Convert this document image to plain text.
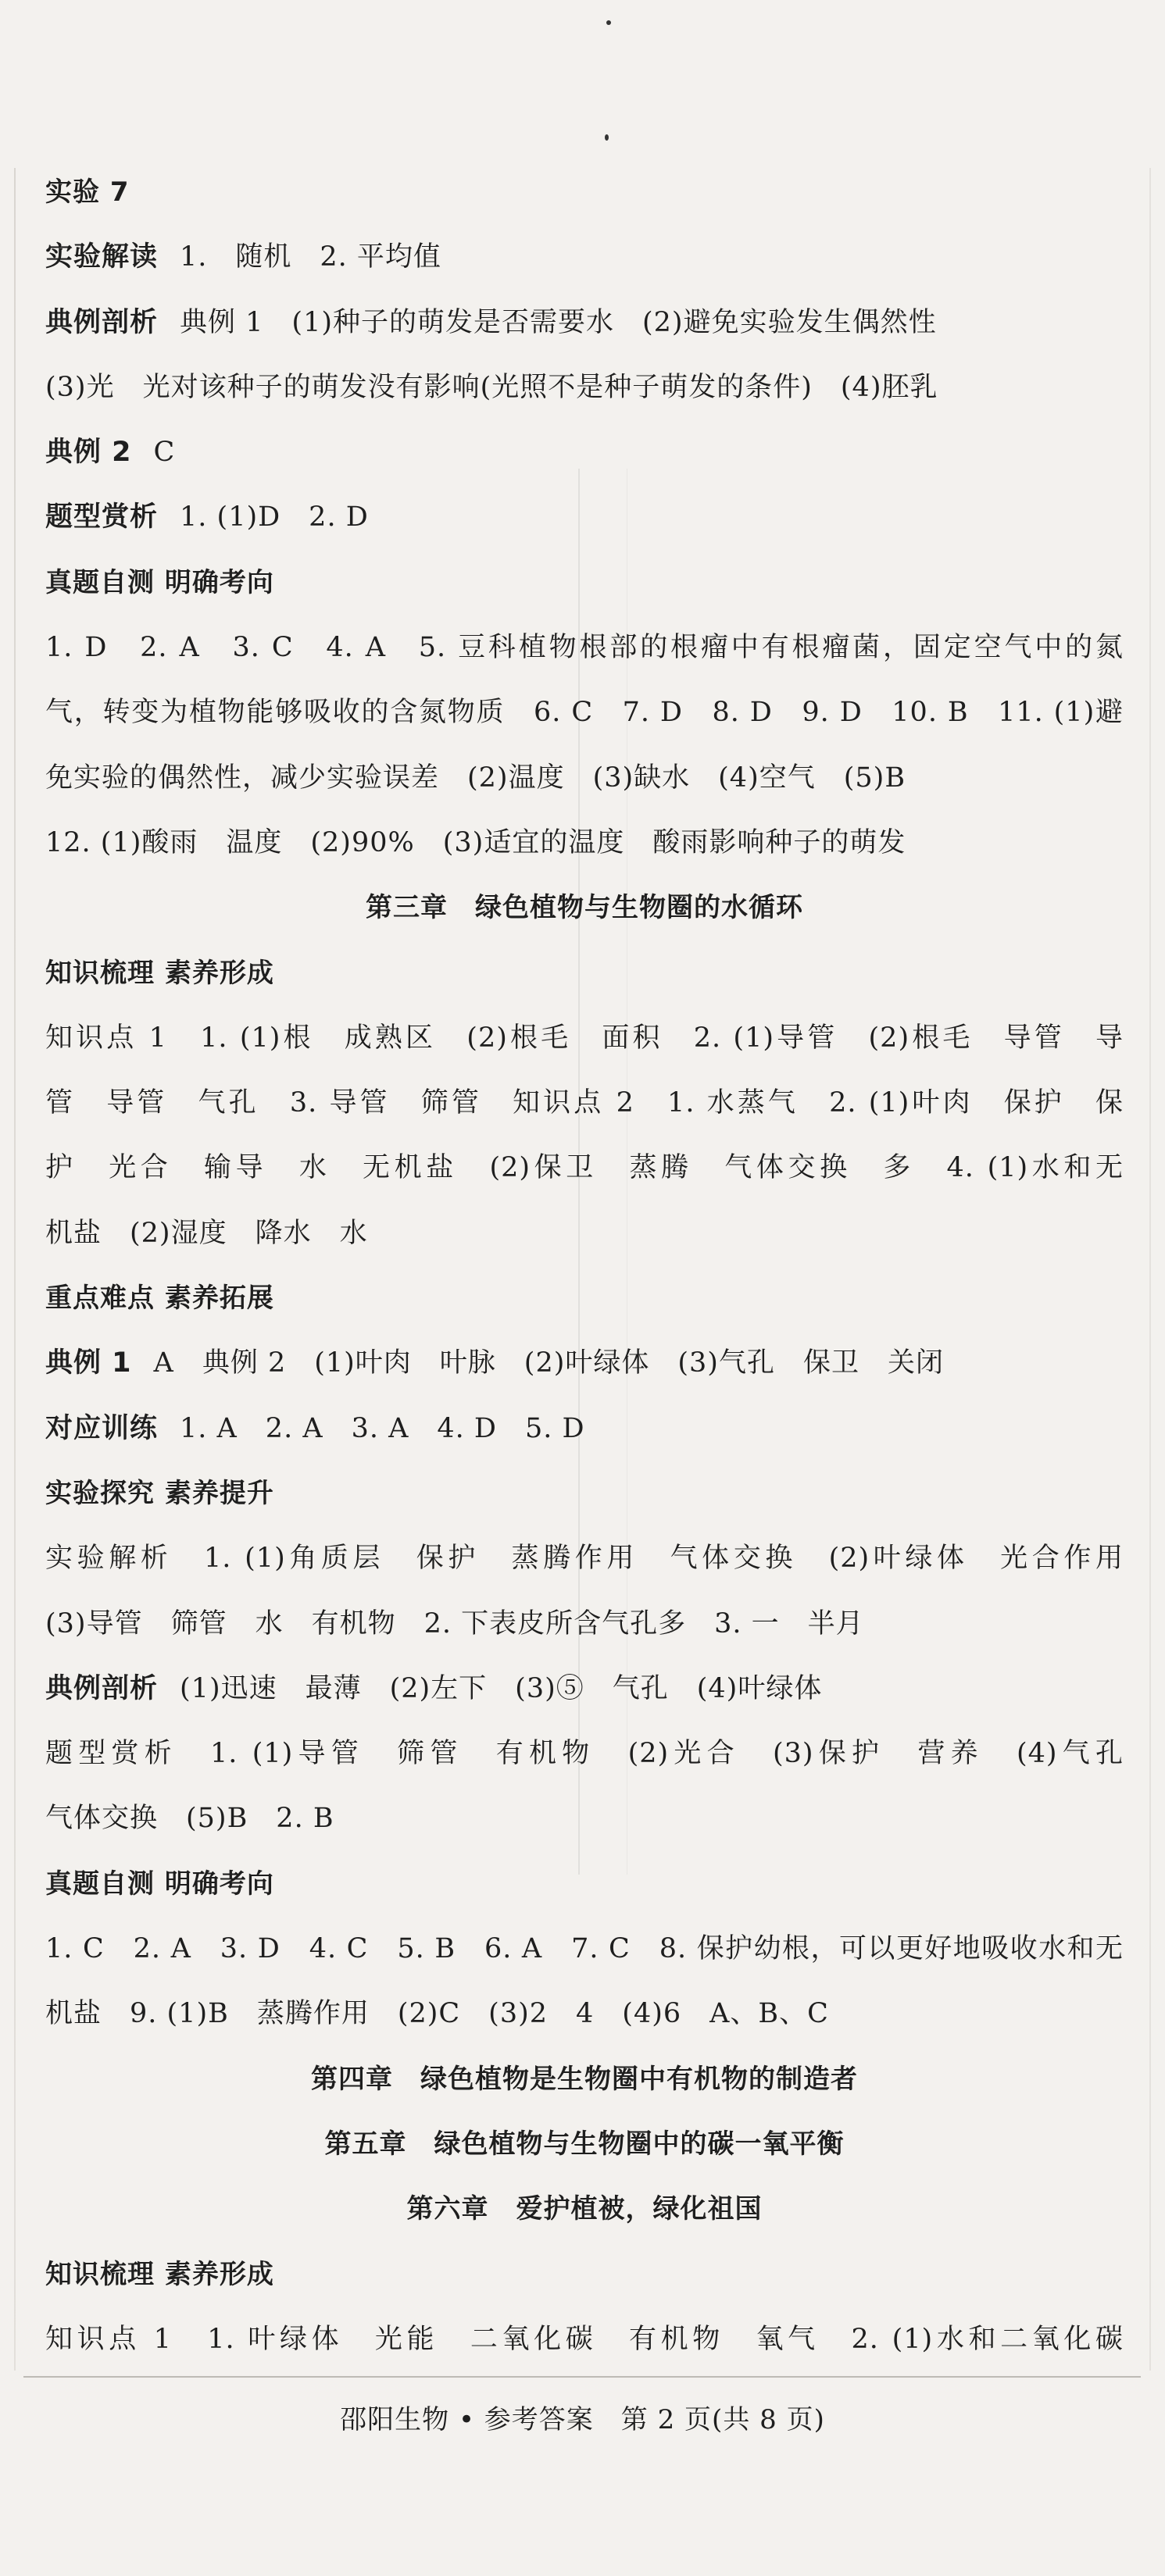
实验 7
实验解读 1.　随机　2. 平均值
典例剖析 典例 1　(1)种子的萌发是否需要水　(2)避免实验发生偶然性
(3)光　光对该种子的萌发没有影响(光照不是种子萌发的条件)　(4)胚乳
典例 2 C
题型赏析 1. (1)D　2. D
真题自测 明确考向
1. D　2. A　3. C　4. A　5. 豆科植物根部的根瘤中有根瘤菌，固定空气中的氮
气，转变为植物能够吸收的含氮物质　6. C　7. D　8. D　9. D　10. B　11. (1)避
免实验的偶然性，减少实验误差　(2)温度　(3)缺水　(4)空气　(5)B
12. (1)酸雨　温度　(2)90%　(3)适宜的温度　酸雨影响种子的萌发
第三章　绿色植物与生物圈的水循环
知识梳理 素养形成
知识点 1　1. (1)根　成熟区　(2)根毛　面积　2. (1)导管　(2)根毛　导管　导
管　导管　气孔　3. 导管　筛管　知识点 2　1. 水蒸气　2. (1)叶肉　保护　保
护　光合　输导　水　无机盐　(2)保卫　蒸腾　气体交换　多　4. (1)水和无
机盐　(2)湿度　降水　水
重点难点 素养拓展
典例 1 A　典例 2　(1)叶肉　叶脉　(2)叶绿体　(3)气孔　保卫　关闭
对应训练 1. A　2. A　3. A　4. D　5. D
实验探究 素养提升
实验解析　1. (1)角质层　保护　蒸腾作用　气体交换　(2)叶绿体　光合作用
(3)导管　筛管　水　有机物　2. 下表皮所含气孔多　3. 一　半月
典例剖析 (1)迅速　最薄　(2)左下　(3)⑤　气孔　(4)叶绿体
题型赏析　1. (1)导管　筛管　有机物　(2)光合　(3)保护　营养　(4)气孔
气体交换　(5)B　2. B
真题自测 明确考向
1. C　2. A　3. D　4. C　5. B　6. A　7. C　8. 保护幼根，可以更好地吸收水和无
机盐　9. (1)B　蒸腾作用　(2)C　(3)2　4　(4)6　A、B、C
第四章　绿色植物是生物圈中有机物的制造者
第五章　绿色植物与生物圈中的碳一氧平衡
第六章　爱护植被，绿化祖国
知识梳理 素养形成
知识点 1　1. 叶绿体　光能　二氧化碳　有机物　氧气　2. (1)水和二氧化碳
邵阳生物 • 参考答案　第 2 页(共 8 页)
